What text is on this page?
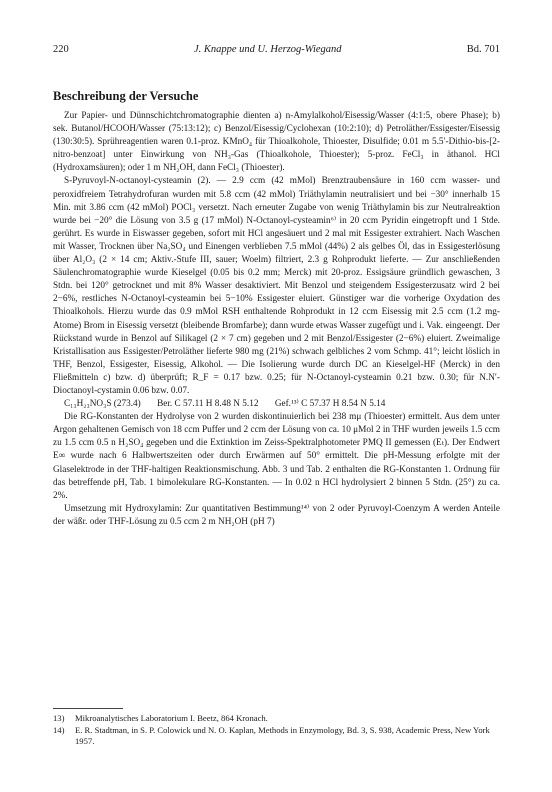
220	J. Knappe und U. Herzog-Wiegand	Bd. 701
Beschreibung der Versuche

Zur Papier- und Dünnschichtchromatographie dienten a) n-Amylalkohol/Eisessig/Wasser (4:1:5, obere Phase); b) sek. Butanol/HCOOH/Wasser (75:13:12); c) Benzol/Eisessig/Cyclohexan (10:2:10); d) Petroläther/Essigester/Eisessig (130:30:5). Sprühreagentien waren 0.1-proz. KMnO₄ für Thioalkohole, Thioester, Disulfide; 0.01 m 5.5′-Dithio-bis-[2-nitro-benzoat] unter Einwirkung von NH₃-Gas (Thioalkohole, Thioester); 5-proz. FeCl₃ in äthanol. HCl (Hydroxamsäuren); oder 1 m NH₂OH, dann FeCl₃ (Thioester).

S-Pyruvoyl-N-octanoyl-cysteamin (2). — 2.9 ccm (42 mMol) Brenztraubensäure in 160 ccm wasser- und peroxidfreiem Tetrahydrofuran wurden mit 5.8 ccm (42 mMol) Triäthylamin neutralisiert und bei −30° innerhalb 15 Min. mit 3.86 ccm (42 mMol) POCl₃ versetzt. Nach erneuter Zugabe von wenig Triäthylamin bis zur Neutralreaktion wurde bei −20° die Lösung von 3.5 g (17 mMol) N-Octanoyl-cysteamin⁶⁾ in 20 ccm Pyridin eingetropft und 1 Stde. gerührt. Es wurde in Eiswasser gegeben, sofort mit HCl angesäuert und 2 mal mit Essigester extrahiert. Nach Waschen mit Wasser, Trocknen über Na₂SO₄ und Einengen verblieben 7.5 mMol (44%) 2 als gelbes Öl, das in Essigesterlösung über Al₂O₃ (2 × 14 cm; Aktiv.-Stufe III, sauer; Woelm) filtriert, 2.3 g Rohprodukt lieferte. — Zur anschließenden Säulenchromatographie wurde Kieselgel (0.05 bis 0.2 mm; Merck) mit 20-proz. Essigsäure gründlich gewaschen, 3 Stdn. bei 120° getrocknet und mit 8% Wasser desaktiviert. Mit Benzol und steigendem Essigesterzusatz wird 2 bei 2−6%, restliches N-Octanoyl-cysteamin bei 5−10% Essigester eluiert. Günstiger war die vorherige Oxydation des Thioalkohols. Hierzu wurde das 0.9 mMol RSH enthaltende Rohprodukt in 12 ccm Eisessig mit 2.5 ccm (1.2 mg-Atome) Brom in Eisessig versetzt (bleibende Bromfarbe); dann wurde etwas Wasser zugefügt und i. Vak. eingeengt. Der Rückstand wurde in Benzol auf Silikagel (2 × 7 cm) gegeben und 2 mit Benzol/Essigester (2−6%) eluiert. Zweimalige Kristallisation aus Essigester/Petroläther lieferte 980 mg (21%) schwach gelbliches 2 vom Schmp. 41°; leicht löslich in THF, Benzol, Essigester, Eisessig, Alkohol. — Die Isolierung wurde durch DC an Kieselgel-HF (Merck) in den Fließmitteln c) bzw. d) überprüft; R_F = 0.17 bzw. 0.25; für N-Octanoyl-cysteamin 0.21 bzw. 0.30; für N.N′-Dioctanoyl-cystamin 0.06 bzw. 0.07.

C₁₃H₂₃NO₃S (273.4) Ber. C 57.11 H 8.48 N 5.12 Gef.¹³⁾ C 57.37 H 8.54 N 5.14

Die RG-Konstanten der Hydrolyse von 2 wurden diskontinuierlich bei 238 mμ (Thioester) ermittelt. Aus dem unter Argon gehaltenen Gemisch von 18 ccm Puffer und 2 ccm der Lösung von ca. 10 μMol 2 in THF wurden jeweils 1.5 ccm zu 1.5 ccm 0.5 n H₂SO₄ gegeben und die Extinktion im Zeiss-Spektralphotometer PMQ II gemessen (Eₜ). Der Endwert E∞ wurde nach 6 Halbwertszeiten oder durch Erwärmen auf 50° ermittelt. Die pH-Messung erfolgte mit der Glaselektrode in der THF-haltigen Reaktionsmischung. Abb. 3 und Tab. 2 enthalten die RG-Konstanten 1. Ordnung für das betreffende pH, Tab. 1 bimolekulare RG-Konstanten. — In 0.02 n HCl hydrolysiert 2 binnen 5 Stdn. (25°) zu ca. 2%.

Umsetzung mit Hydroxylamin: Zur quantitativen Bestimmung¹⁴⁾ von 2 oder Pyruvoyl-Coenzym A werden Anteile der wäßr. oder THF-Lösung zu 0.5 ccm 2 m NH₂OH (pH 7)

13)	Mikroanalytisches Laboratorium I. Beetz, 864 Kronach.
14)	E. R. Stadtman, in S. P. Colowick und N. O. Kaplan, Methods in Enzymology, Bd. 3, S. 938, Academic Press, New York 1957.
